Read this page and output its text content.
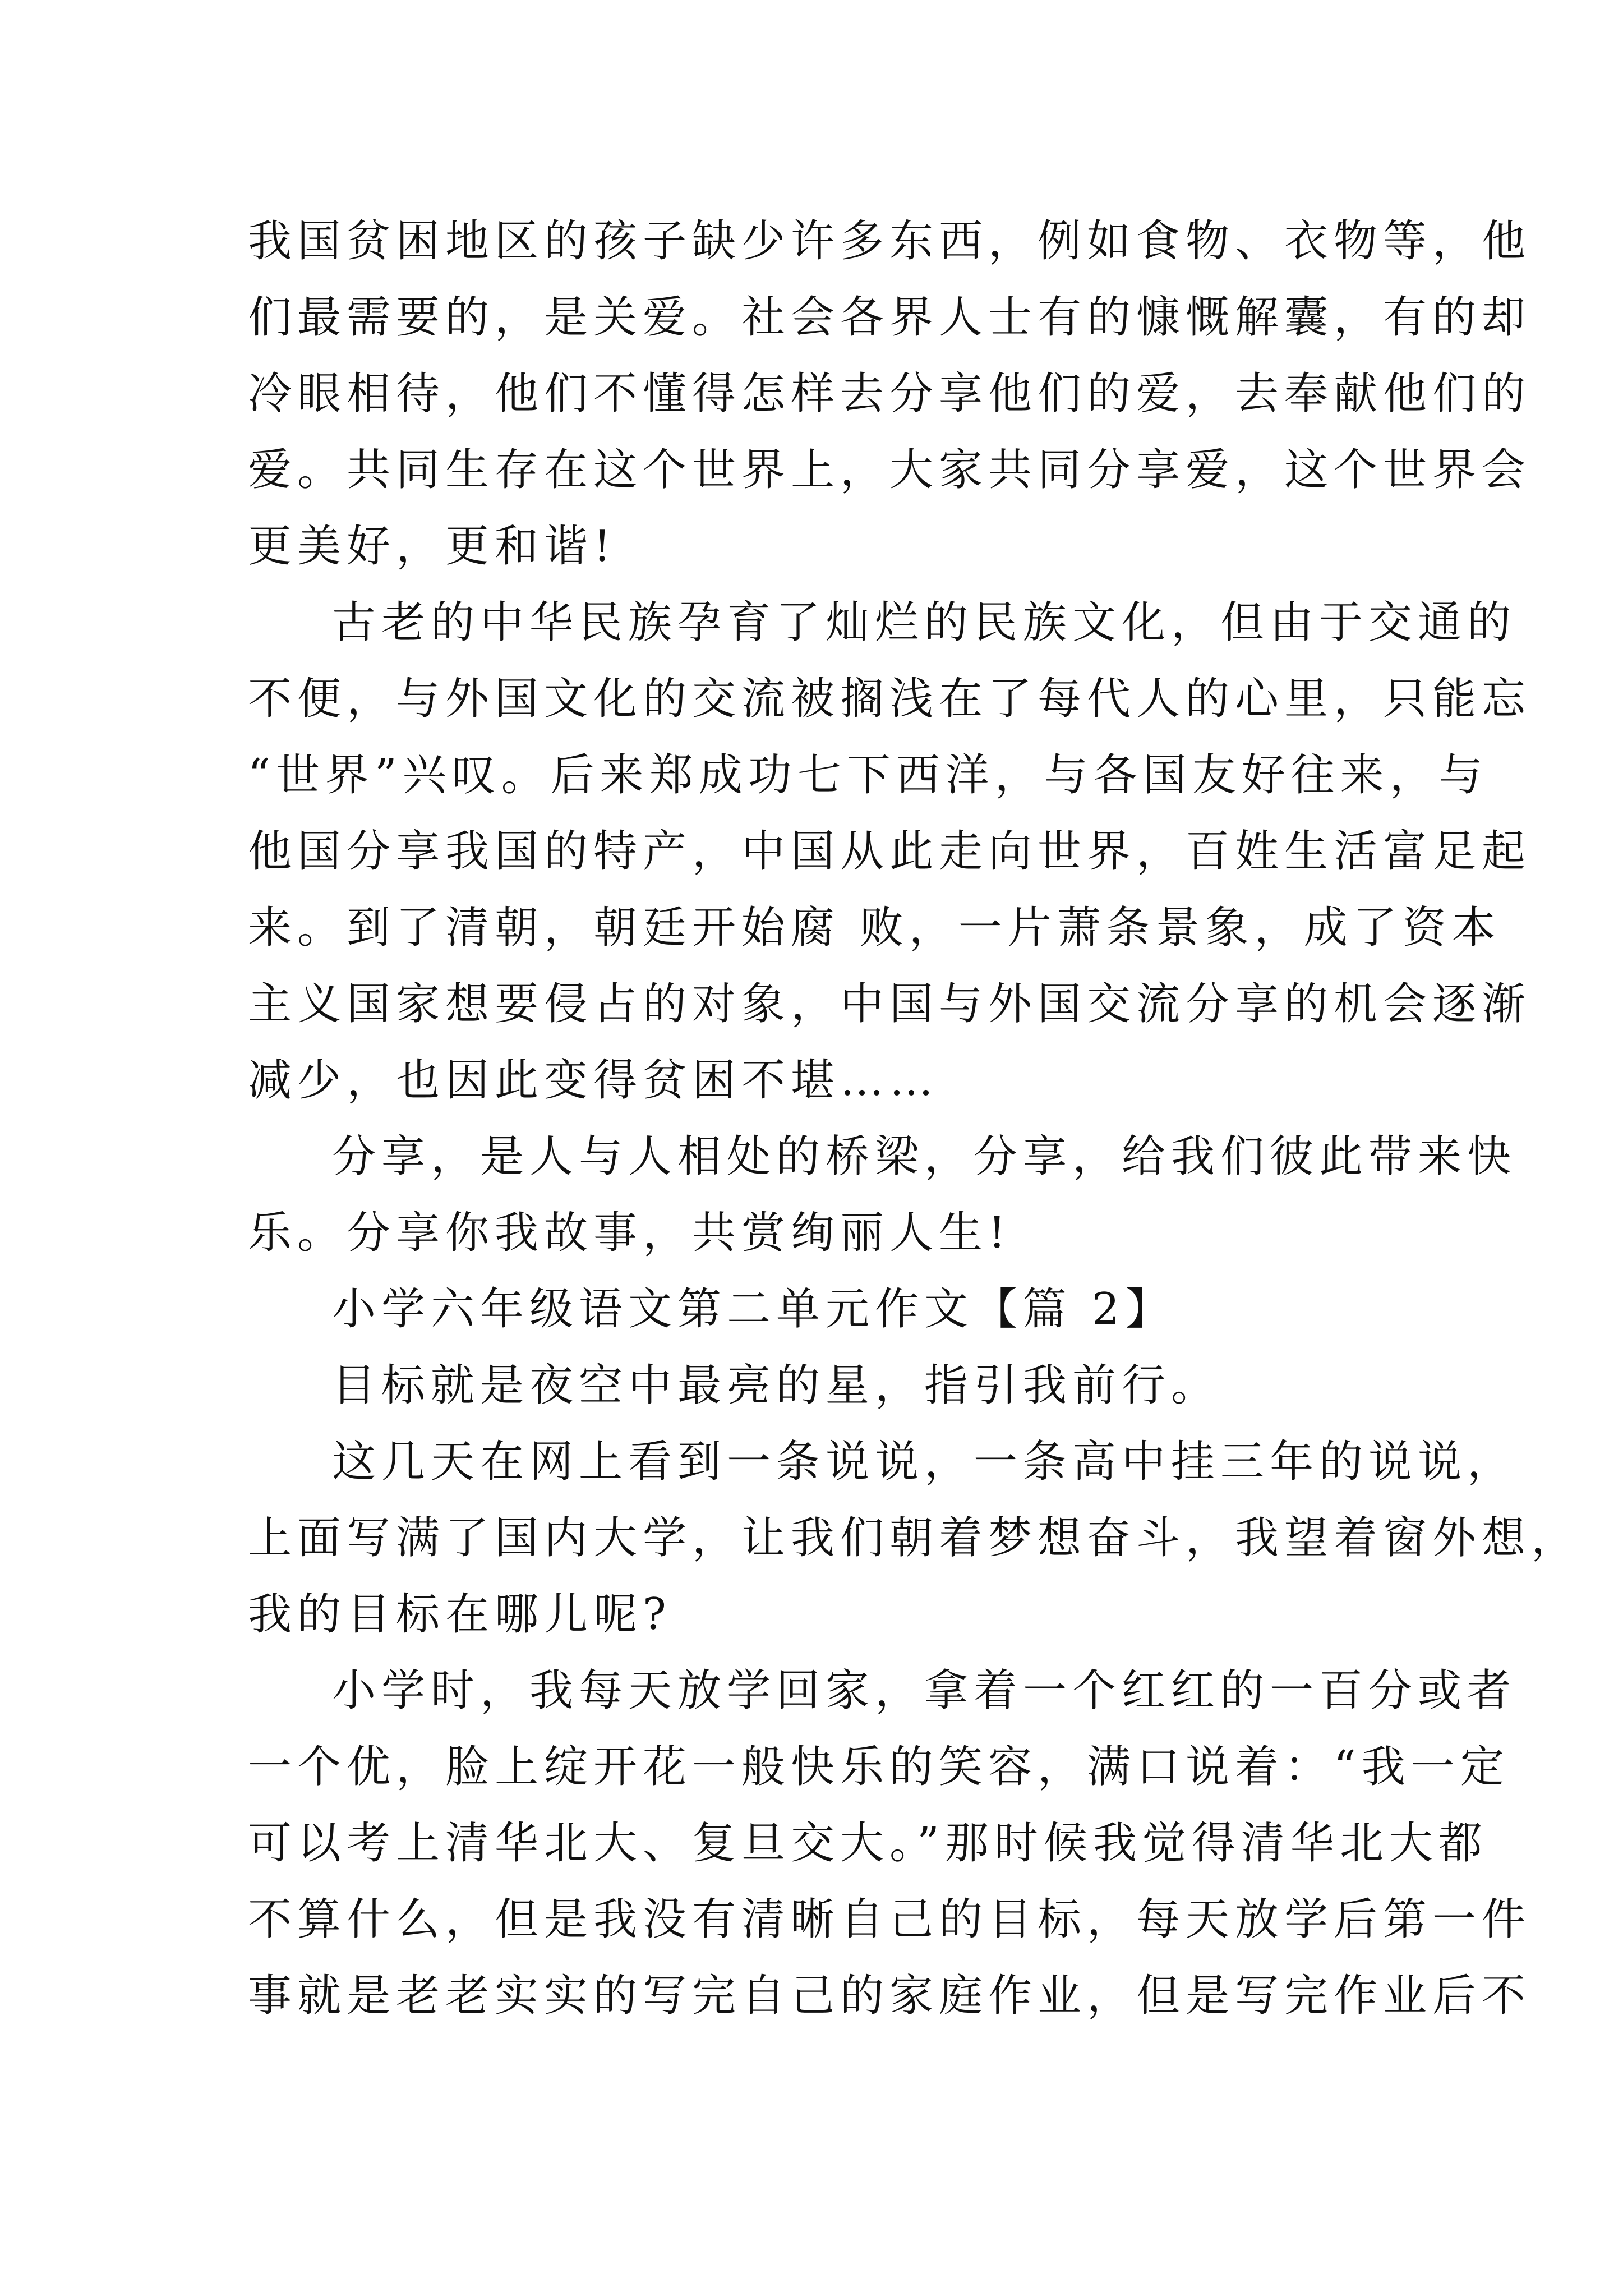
我国贫困地区的孩子缺少许多东西，例如食物、衣物等，他
们最需要的，是关爱。社会各界人士有的慷慨解囊，有的却
冷眼相待，他们不懂得怎样去分享他们的爱，去奉献他们的
爱。共同生存在这个世界上，大家共同分享爱，这个世界会
更美好，更和谐!
古老的中华民族孕育了灿烂的民族文化，但由于交通的
不便，与外国文化的交流被搁浅在了每代人的心里，只能忘
“世界”兴叹。后来郑成功七下西洋，与各国友好往来，与
他国分享我国的特产，中国从此走向世界，百姓生活富足起
来。到了清朝，朝廷开始腐 败，一片萧条景象，成了资本
主义国家想要侵占的对象，中国与外国交流分享的机会逐渐
减少，也因此变得贫困不堪……
分享，是人与人相处的桥梁，分享，给我们彼此带来快
乐。分享你我故事，共赏绚丽人生!
小学六年级语文第二单元作文【篇 2】
目标就是夜空中最亮的星，指引我前行。
这几天在网上看到一条说说，一条高中挂三年的说说，
上面写满了国内大学，让我们朝着梦想奋斗，我望着窗外想，
我的目标在哪儿呢?
小学时，我每天放学回家，拿着一个红红的一百分或者
一个优，脸上绽开花一般快乐的笑容，满口说着：“我一定
可以考上清华北大、复旦交大。”那时候我觉得清华北大都
不算什么，但是我没有清晰自己的目标，每天放学后第一件
事就是老老实实的写完自己的家庭作业，但是写完作业后不
